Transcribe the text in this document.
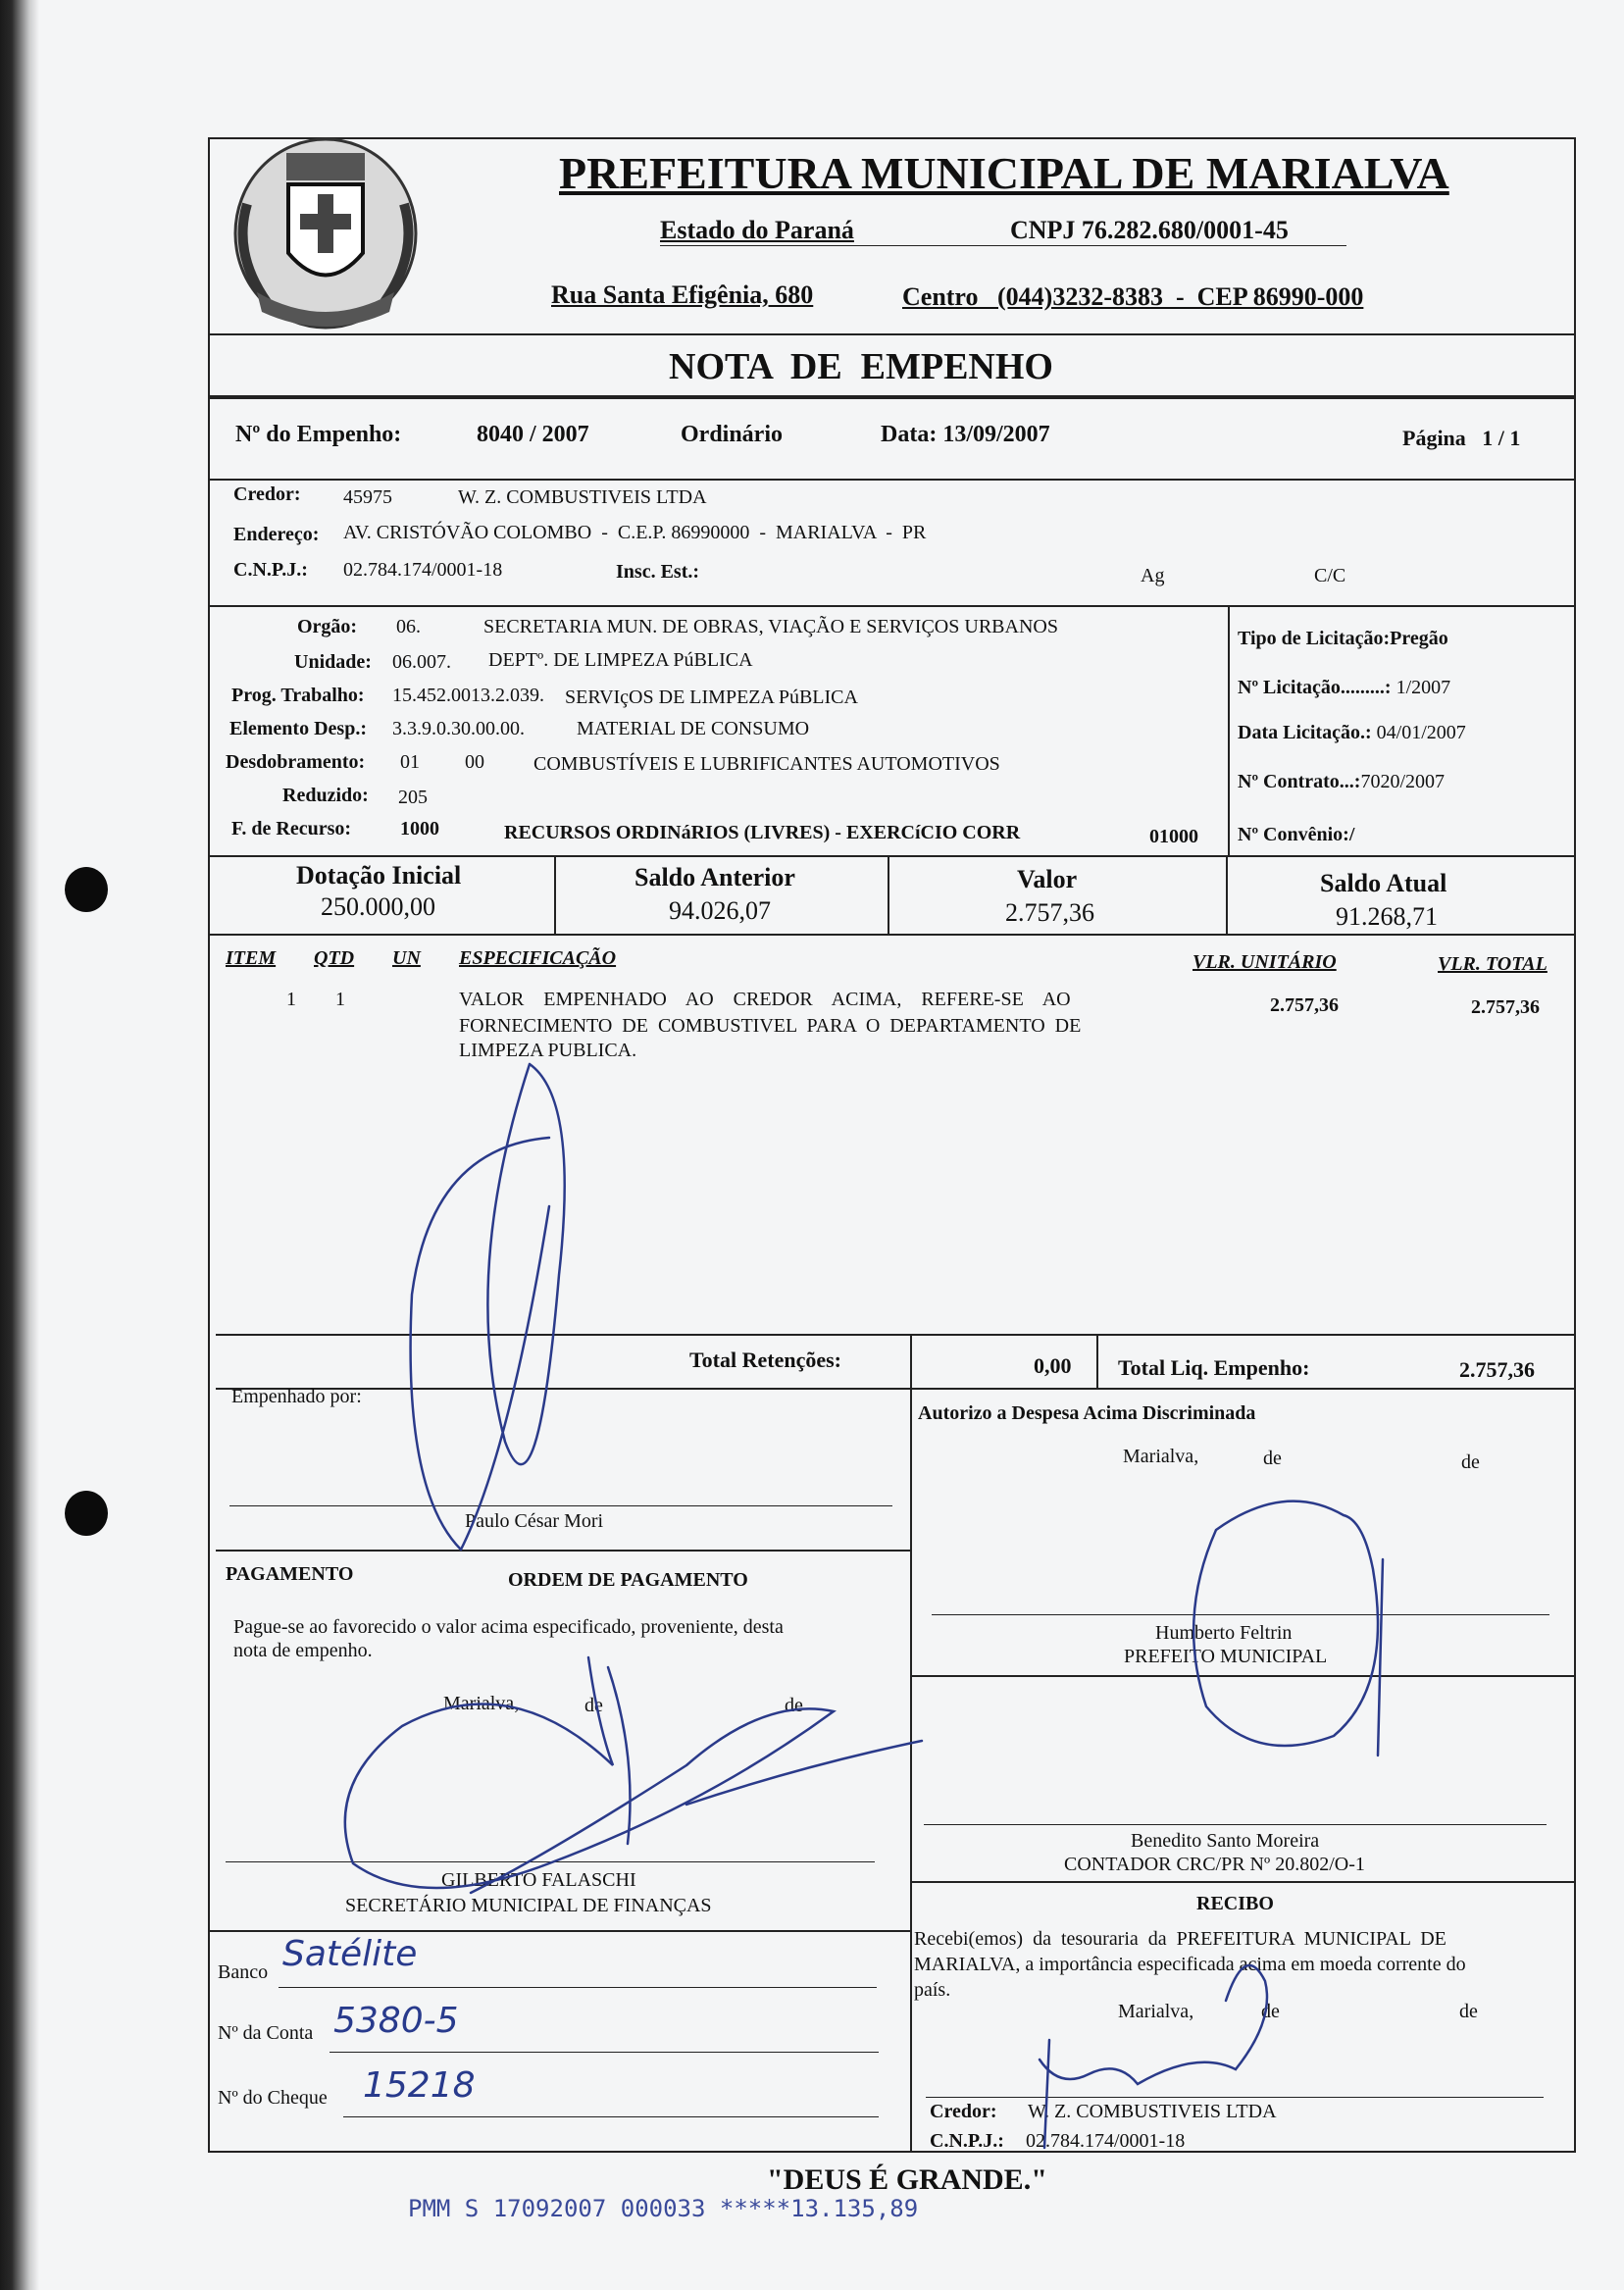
PREFEITURA MUNICIPAL DE MARIALVA
Estado do Paraná	CNPJ 76.282.680/0001-45
Rua Santa Efigênia, 680	Centro   (044)3232-8383  -  CEP 86990-000
NOTA  DE  EMPENHO
Nº do Empenho:	8040 / 2007	Ordinário	Data: 13/09/2007	Página   1 / 1
Credor: 45975	W. Z. COMBUSTIVEIS LTDA
Endereço: AV. CRISTÓVÃO COLOMBO  -  C.E.P. 86990000  -  MARIALVA  -  PR
C.N.P.J.: 02.784.174/0001-18	Insc. Est.:	Ag	C/C
Orgão: 06.	SECRETARIA MUN. DE OBRAS, VIAÇÃO E SERVIÇOS URBANOS
Unidade: 06.007. DEPTº. DE LIMPEZA PúBLICA
Prog. Trabalho: 15.452.0013.2.039. SERVIçOS DE LIMPEZA PúBLICA
Elemento Desp.: 3.3.9.0.30.00.00.	MATERIAL DE CONSUMO
Desdobramento: 01 00	COMBUSTÍVEIS E LUBRIFICANTES AUTOMOTIVOS
Reduzido: 205
F. de Recurso: 1000	RECURSOS ORDINáRIOS (LIVRES) - EXERCíCIO CORR	01000
Tipo de Licitação:Pregão
Nº Licitação.........: 1/2007
Data Licitação.: 04/01/2007
Nº Contrato...:7020/2007
Nº Convênio:/
Dotação Inicial
250.000,00
Saldo Anterior
94.026,07
Valor
2.757,36
Saldo Atual
91.268,71
ITEM QTD UN ESPECIFICAÇÃO	VLR. UNITÁRIO	VLR. TOTAL
1 1	VALOR    EMPENHADO    AO    CREDOR    ACIMA,    REFERE-SE    AO
FORNECIMENTO  DE  COMBUSTIVEL  PARA  O  DEPARTAMENTO  DE
LIMPEZA PUBLICA.
2.757,36	2.757,36
Total Retenções:	0,00 Total Liq. Empenho:	2.757,36
Empenhado por:
Paulo César Mori
Autorizo a Despesa Acima Discriminada
Marialva,	de	de
Humberto Feltrin
PREFEITO MUNICIPAL
Benedito Santo Moreira
CONTADOR CRC/PR Nº 20.802/O-1
PAGAMENTO	ORDEM DE PAGAMENTO
Pague-se ao favorecido o valor acima especificado, proveniente, desta
nota de empenho.
Marialva,	de	de
GILBERTO FALASCHI
SECRETÁRIO MUNICIPAL DE FINANÇAS
Banco Satélite
Nº da Conta 5380-5
Nº do Cheque 15218
RECIBO
Recebi(emos)  da  tesouraria  da  PREFEITURA  MUNICIPAL  DE
MARIALVA, a importância especificada acima em moeda corrente do
país.
Marialva,	de	de
Credor: W. Z. COMBUSTIVEIS LTDA
C.N.P.J.: 02.784.174/0001-18
"DEUS É GRANDE."
PMM S 17092007 000033 *****13.135,89
